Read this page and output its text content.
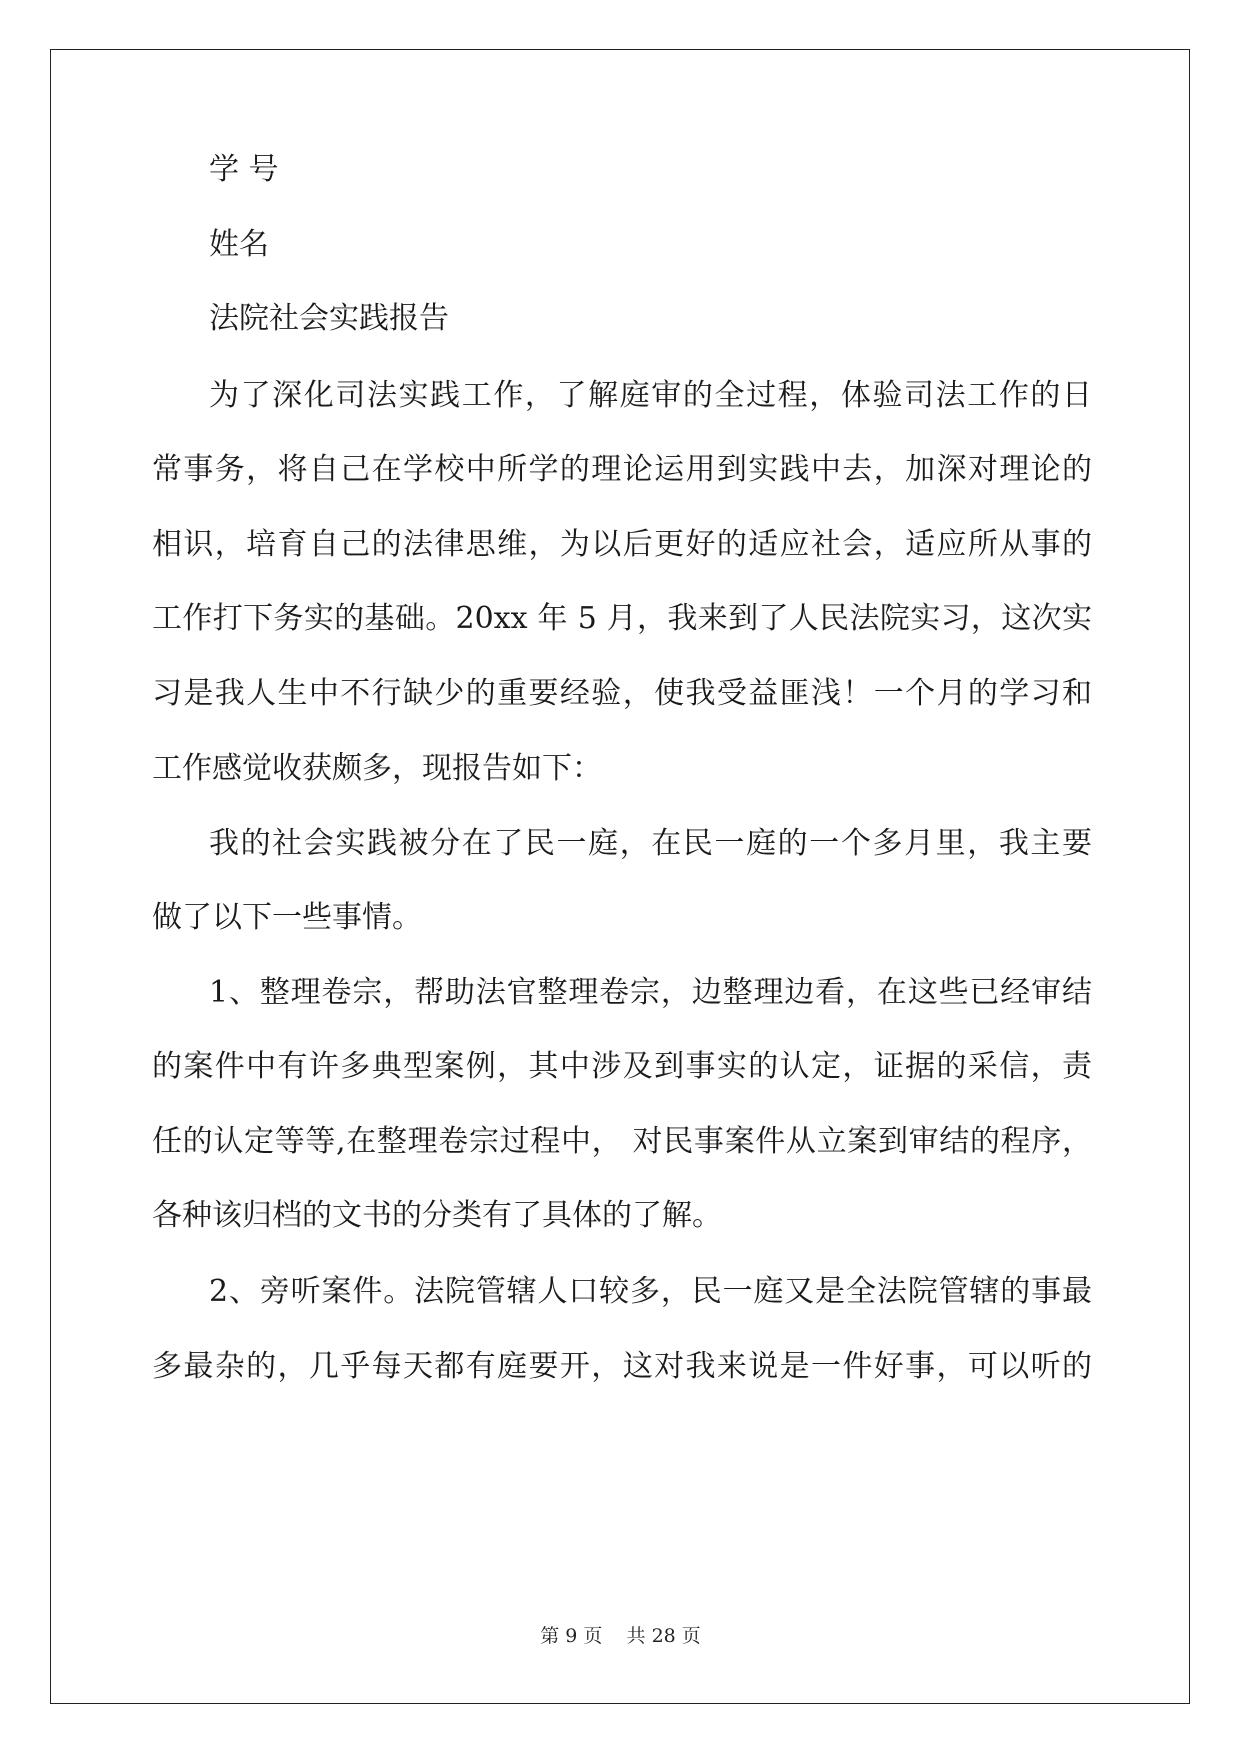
学 号
姓名
法院社会实践报告
为了深化司法实践工作，了解庭审的全过程，体验司法工作的日
常事务，将自己在学校中所学的理论运用到实践中去，加深对理论的
相识，培育自己的法律思维，为以后更好的适应社会，适应所从事的
工作打下务实的基础。20xx 年 5 月，我来到了人民法院实习，这次实
习是我人生中不行缺少的重要经验，使我受益匪浅！一个月的学习和
工作感觉收获颇多，现报告如下：
我的社会实践被分在了民一庭，在民一庭的一个多月里，我主要
做了以下一些事情。
1、整理卷宗，帮助法官整理卷宗，边整理边看，在这些已经审结
的案件中有许多典型案例，其中涉及到事实的认定，证据的采信，责
任的认定等等,在整理卷宗过程中， 对民事案件从立案到审结的程序，
各种该归档的文书的分类有了具体的了解。
2、旁听案件。法院管辖人口较多，民一庭又是全法院管辖的事最
多最杂的，几乎每天都有庭要开，这对我来说是一件好事，可以听的
第 9 页    共 28 页
